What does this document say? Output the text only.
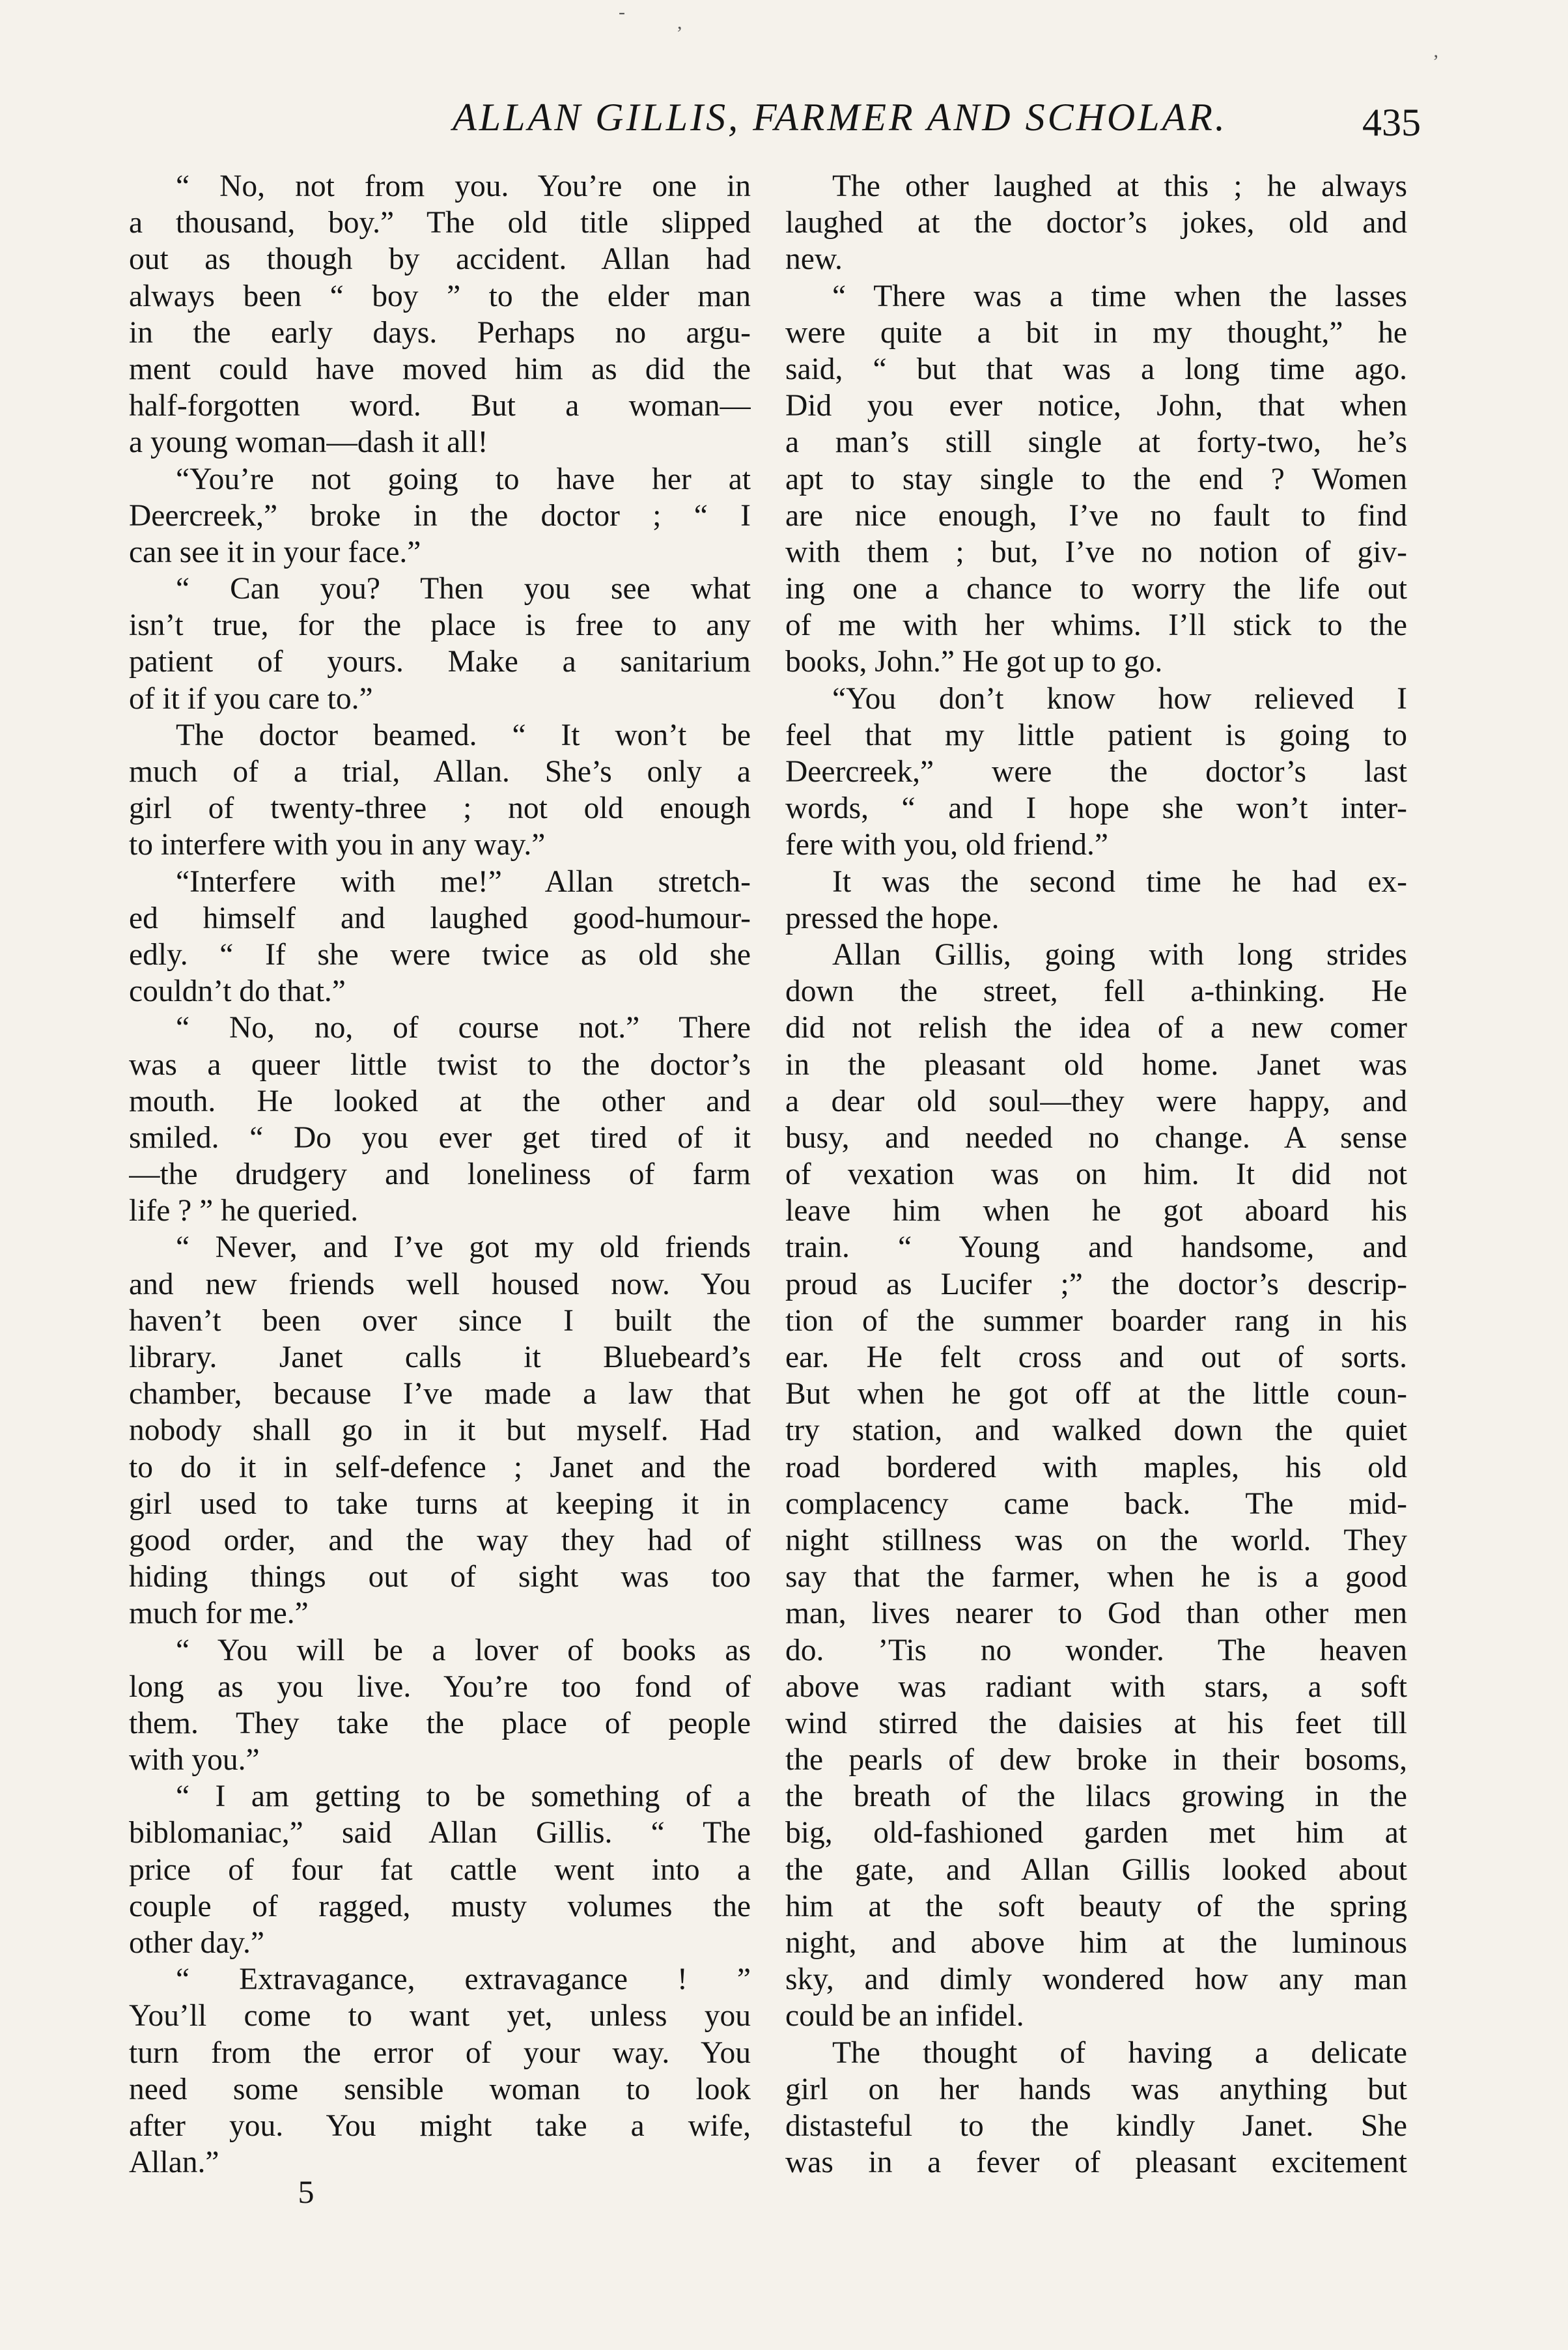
ALLAN GILLIS, FARMER AND SCHOLAR.	435
“ No, not from you. You’re one in
a thousand, boy.” The old title slipped
out as though by accident. Allan had
always been “ boy ” to the elder man
in the early days. Perhaps no argu-
ment could have moved him as did the
half-forgotten word. But a woman—
a young woman—dash it all!
“You’re not going to have her at
Deercreek,” broke in the doctor ; “ I
can see it in your face.”
“ Can you? Then you see what
isn’t true, for the place is free to any
patient of yours. Make a sanitarium
of it if you care to.”
The doctor beamed. “ It won’t be
much of a trial, Allan. She’s only a
girl of twenty-three ; not old enough
to interfere with you in any way.”
“Interfere with me!” Allan stretch-
ed himself and laughed good-humour-
edly. “ If she were twice as old she
couldn’t do that.”
“ No, no, of course not.” There
was a queer little twist to the doctor’s
mouth. He looked at the other and
smiled. “ Do you ever get tired of it
—the drudgery and loneliness of farm
life ? ” he queried.
“ Never, and I’ve got my old friends
and new friends well housed now. You
haven’t been over since I built the
library. Janet calls it Bluebeard’s
chamber, because I’ve made a law that
nobody shall go in it but myself. Had
to do it in self-defence ; Janet and the
girl used to take turns at keeping it in
good order, and the way they had of
hiding things out of sight was too
much for me.”
“ You will be a lover of books as
long as you live. You’re too fond of
them. They take the place of people
with you.”
“ I am getting to be something of a
biblomaniac,” said Allan Gillis. “ The
price of four fat cattle went into a
couple of ragged, musty volumes the
other day.”
“ Extravagance, extravagance ! ”
You’ll come to want yet, unless you
turn from the error of your way. You
need some sensible woman to look
after you. You might take a wife,
Allan.”
The other laughed at this ; he always
laughed at the doctor’s jokes, old and
new.
“ There was a time when the lasses
were quite a bit in my thought,” he
said, “ but that was a long time ago.
Did you ever notice, John, that when
a man’s still single at forty-two, he’s
apt to stay single to the end ? Women
are nice enough, I’ve no fault to find
with them ; but, I’ve no notion of giv-
ing one a chance to worry the life out
of me with her whims. I’ll stick to the
books, John.” He got up to go.
“You don’t know how relieved I
feel that my little patient is going to
Deercreek,” were the doctor’s last
words, “ and I hope she won’t inter-
fere with you, old friend.”
It was the second time he had ex-
pressed the hope.
Allan Gillis, going with long strides
down the street, fell a-thinking. He
did not relish the idea of a new comer
in the pleasant old home. Janet was
a dear old soul—they were happy, and
busy, and needed no change. A sense
of vexation was on him. It did not
leave him when he got aboard his
train. “ Young and handsome, and
proud as Lucifer ;” the doctor’s descrip-
tion of the summer boarder rang in his
ear. He felt cross and out of sorts.
But when he got off at the little coun-
try station, and walked down the quiet
road bordered with maples, his old
complacency came back. The mid-
night stillness was on the world. They
say that the farmer, when he is a good
man, lives nearer to God than other men
do. ’Tis no wonder. The heaven
above was radiant with stars, a soft
wind stirred the daisies at his feet till
the pearls of dew broke in their bosoms,
the breath of the lilacs growing in the
big, old-fashioned garden met him at
the gate, and Allan Gillis looked about
him at the soft beauty of the spring
night, and above him at the luminous
sky, and dimly wondered how any man
could be an infidel.
The thought of having a delicate
girl on her hands was anything but
distasteful to the kindly Janet. She
was in a fever of pleasant excitement
5
-	,
’
